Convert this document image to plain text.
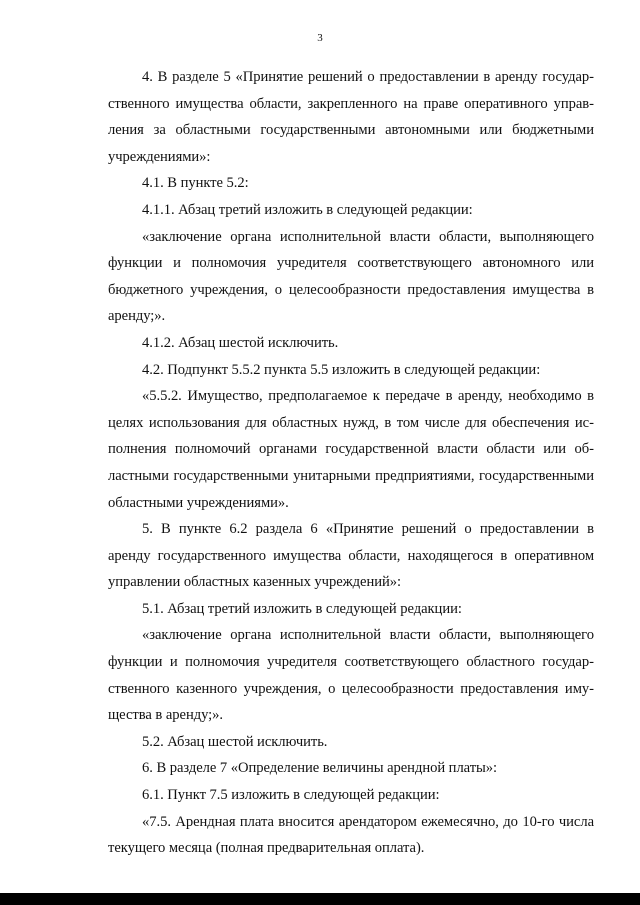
3

4. В разделе 5 «Принятие решений о предоставлении в аренду государственного имущества области, закрепленного на праве оперативного управления за областными государственными автономными или бюджетными учреждениями»:

4.1. В пункте 5.2:

4.1.1. Абзац третий изложить в следующей редакции:

«заключение органа исполнительной власти области, выполняющего функции и полномочия учредителя соответствующего автономного или бюджетного учреждения, о целесообразности предоставления имущества в аренду;».

4.1.2. Абзац шестой исключить.

4.2. Подпункт 5.5.2 пункта 5.5 изложить в следующей редакции:

«5.5.2. Имущество, предполагаемое к передаче в аренду, необходимо в целях использования для областных нужд, в том числе для обеспечения исполнения полномочий органами государственной власти области или областными государственными унитарными предприятиями, государственными областными учреждениями».

5. В пункте 6.2 раздела 6 «Принятие решений о предоставлении в аренду государственного имущества области, находящегося в оперативном управлении областных казенных учреждений»:

5.1. Абзац третий изложить в следующей редакции:

«заключение органа исполнительной власти области, выполняющего функции и полномочия учредителя соответствующего областного государственного казенного учреждения, о целесообразности предоставления имущества в аренду;».

5.2. Абзац шестой исключить.

6. В разделе 7 «Определение величины арендной платы»:

6.1. Пункт 7.5 изложить в следующей редакции:

«7.5. Арендная плата вносится арендатором ежемесячно, до 10-го числа текущего месяца (полная предварительная оплата).
